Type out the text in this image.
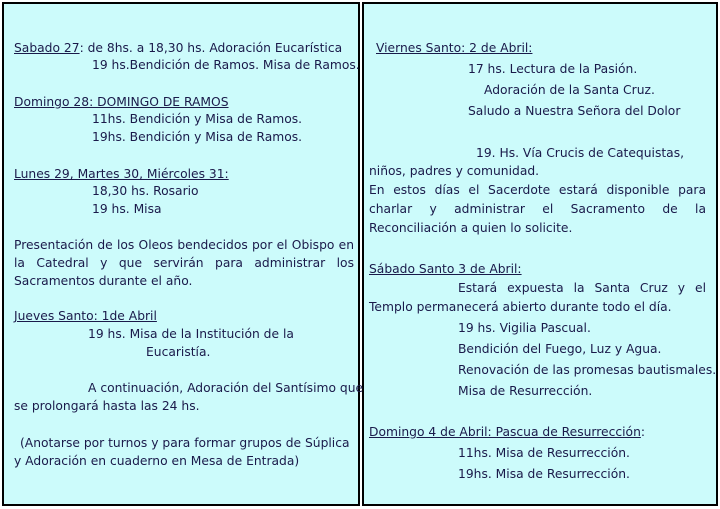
Sabado 27: de 8hs. a 18,30 hs. Adoración Eucarística
19 hs.Bendición de Ramos. Misa de Ramos.
Domingo 28: DOMINGO DE RAMOS
11hs. Bendición y Misa de Ramos.
19hs. Bendición y Misa de Ramos.
Lunes 29, Martes 30, Miércoles 31:
18,30 hs. Rosario
19 hs. Misa
Presentación de los Oleos bendecidos por el Obispo en
la Catedral y que servirán para administrar los
Sacramentos durante el año.
Jueves Santo: 1de Abril
19 hs. Misa de la Institución de la
Eucaristía.
A continuación, Adoración del Santísimo que
se prolongará hasta las 24 hs.
(Anotarse por turnos y para formar grupos de Súplica
y Adoración en cuaderno en Mesa de Entrada)
Viernes Santo: 2 de Abril:
17 hs. Lectura de la Pasión.
Adoración de la Santa Cruz.
Saludo a Nuestra Señora del Dolor
19. Hs. Vía Crucis de Catequistas,
niños, padres y comunidad.
En estos días el Sacerdote estará disponible para
charlar y administrar el Sacramento de la
Reconciliación a quien lo solicite.
Sábado Santo 3 de Abril:
Estará expuesta la Santa Cruz y el
Templo permanecerá abierto durante todo el día.
19 hs. Vigilia Pascual.
Bendición del Fuego, Luz y Agua.
Renovación de las promesas bautismales.
Misa de Resurrección.
Domingo 4 de Abril: Pascua de Resurrección:
11hs. Misa de Resurrección.
19hs. Misa de Resurrección.
